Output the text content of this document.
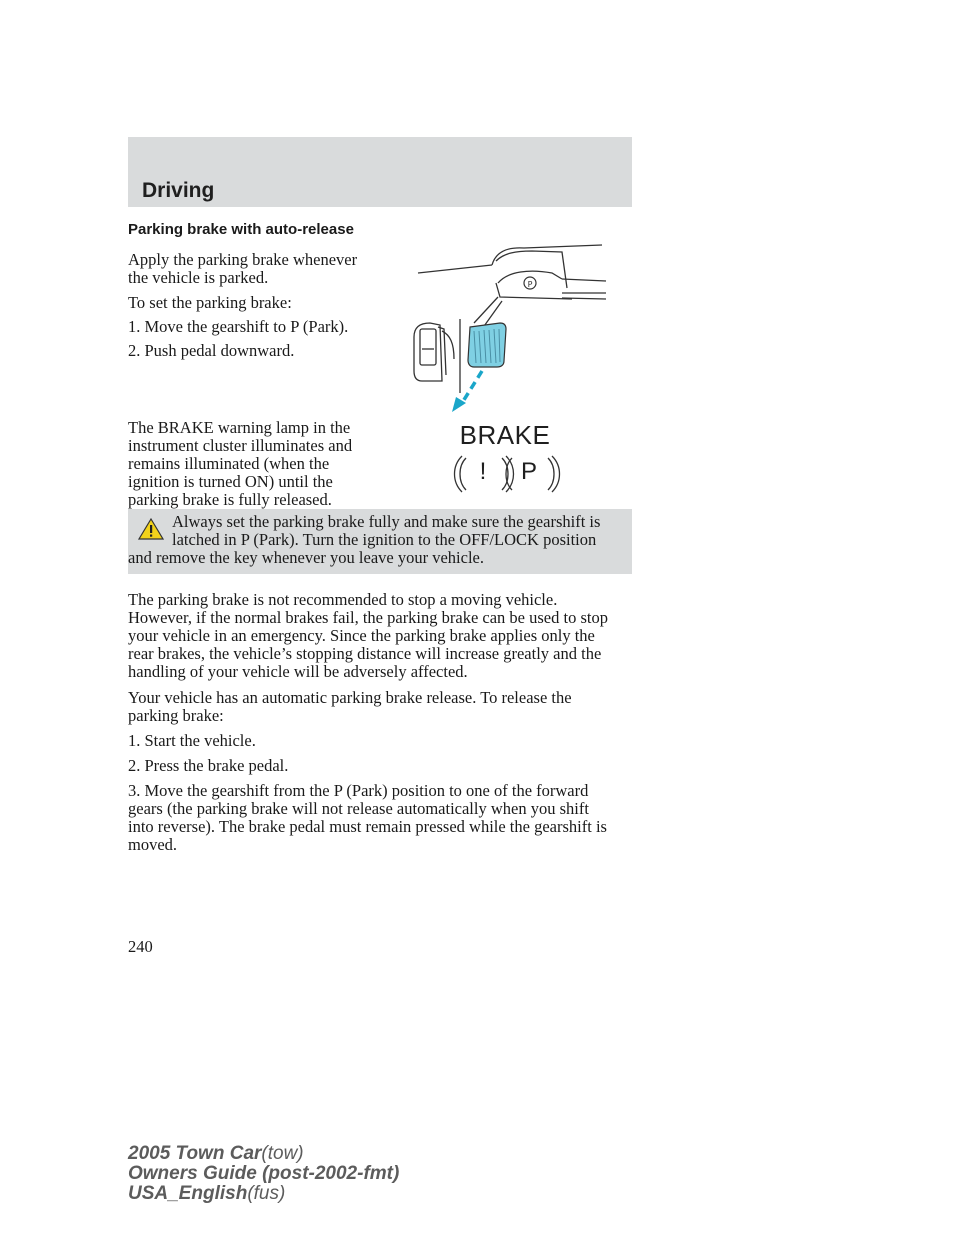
Driving
Parking brake with auto-release

Apply the parking brake whenever

the vehicle is parked.

To set the parking brake:

1. Move the gearshift to P (Park).

2. Push pedal downward.

The BRAKE warning lamp in the

instrument cluster illuminates and

remains illuminated (when the

ignition is turned ON) until the

parking brake is fully released.

P
BRAKE
!	P

Always set the parking brake fully and make sure the gearshift is
latched in P (Park). Turn the ignition to the OFF/LOCK position
and remove the key whenever you leave your vehicle.

The parking brake is not recommended to stop a moving vehicle.

However, if the normal brakes fail, the parking brake can be used to stop

your vehicle in an emergency. Since the parking brake applies only the

rear brakes, the vehicle’s stopping distance will increase greatly and the

handling of your vehicle will be adversely affected.

Your vehicle has an automatic parking brake release. To release the

parking brake:

1. Start the vehicle.

2. Press the brake pedal.

3. Move the gearshift from the P (Park) position to one of the forward

gears (the parking brake will not release automatically when you shift

into reverse). The brake pedal must remain pressed while the gearshift is

moved.

240
2005 Town Car(tow)
Owners Guide (post-2002-fmt)
USA_English(fus)
